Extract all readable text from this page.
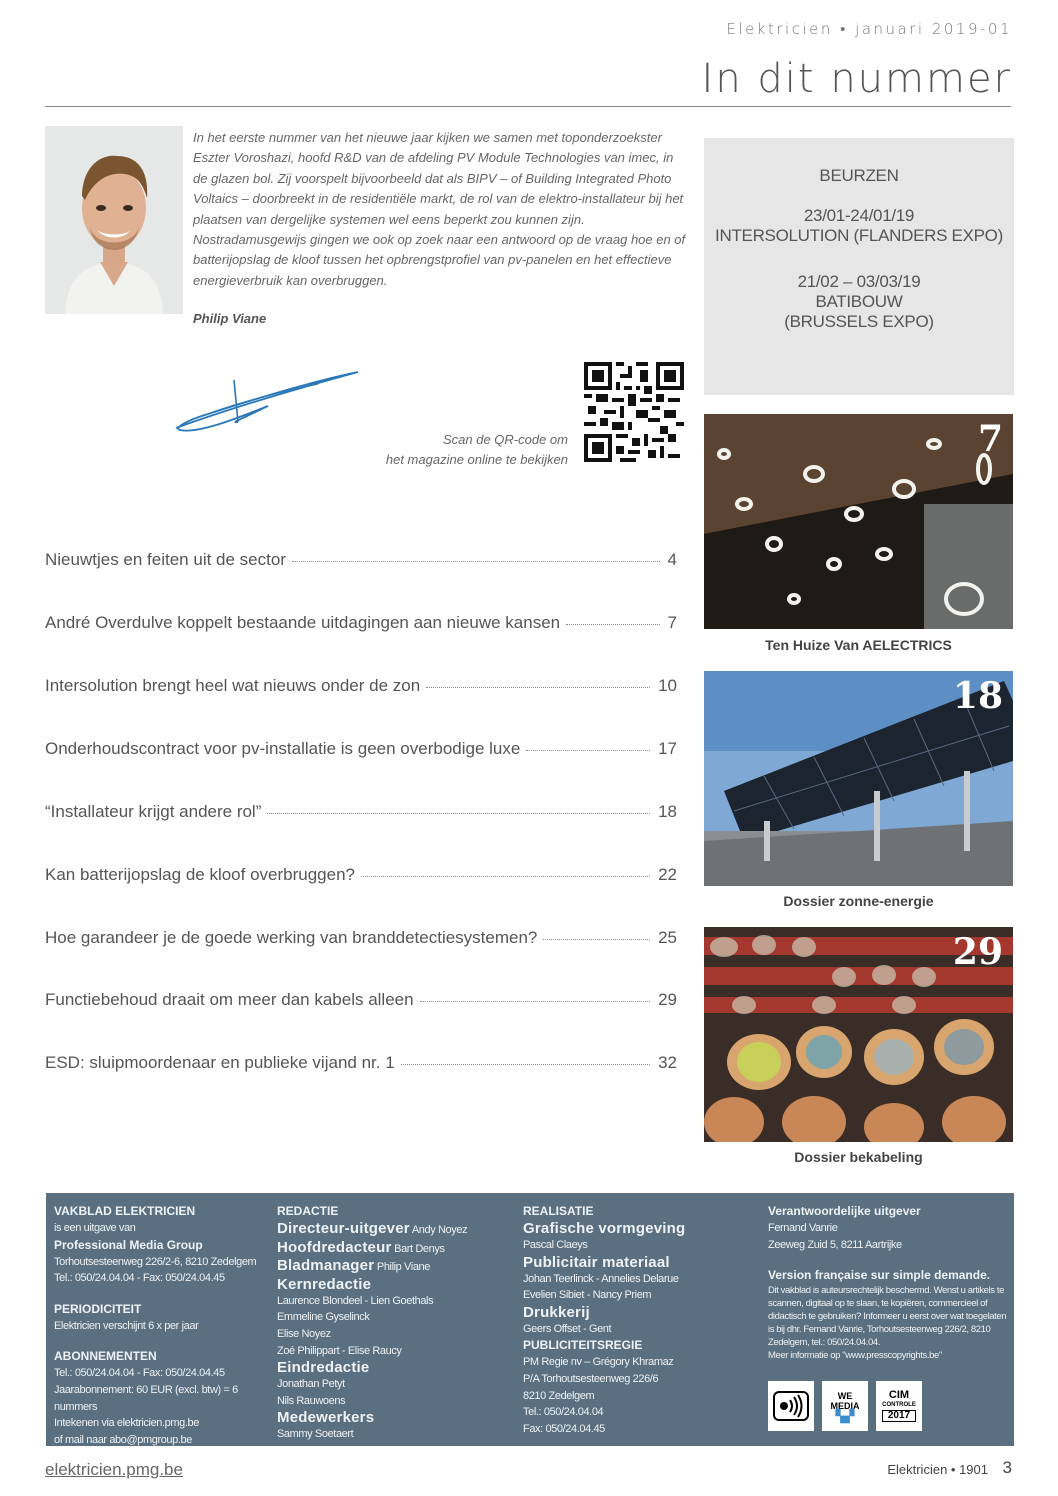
Elektricien • januari 2019-01
In dit nummer

In het eerste nummer van het nieuwe jaar kijken we samen met toponderzoekster Eszter Voroshazi, hoofd R&D van de afdeling PV Module Technologies van imec, in de glazen bol. Zij voorspelt bijvoorbeeld dat als BIPV – of Building Integrated Photo Voltaics – doorbreekt in de residentiële markt, de rol van de elektro-installateur bij het plaatsen van dergelijke systemen wel eens beperkt zou kunnen zijn. Nostradamusgewijs gingen we ook op zoek naar een antwoord op de vraag hoe en of batterijopslag de kloof tussen het opbrengstprofiel van pv-panelen en het effectieve energieverbruik kan overbruggen.

Philip Viane
Scan de QR-code om
het magazine online te bekijken
BEURZEN
23/01-24/01/19
INTERSOLUTION (FLANDERS EXPO)
21/02 – 03/03/19
BATIBOUW
(BRUSSELS EXPO)
Nieuwtjes en feiten uit de sector	4
André Overdulve koppelt bestaande uitdagingen aan nieuwe kansen	7
Intersolution brengt heel wat nieuws onder de zon	10
Onderhoudscontract voor pv-installatie is geen overbodige luxe	17
“Installateur krijgt andere rol”	18
Kan batterijopslag de kloof overbruggen?	22
Hoe garandeer je de goede werking van branddetectiesystemen?	25
Functiebehoud draait om meer dan kabels alleen	29
ESD: sluipmoordenaar en publieke vijand nr. 1	32
7
Ten Huize Van AELECTRICS
18
Dossier zonne-energie
29
Dossier bekabeling
VAKBLAD ELEKTRICIEN
is een uitgave van
Professional Media Group
Torhoutsesteenweg 226/2-6, 8210 Zedelgem
Tel.: 050/24.04.04 - Fax: 050/24.04.45
PERIODICITEIT
Elektricien verschijnt 6 x per jaar
ABONNEMENTEN
Tel.: 050/24.04.04 - Fax: 050/24.04.45
Jaarabonnement: 60 EUR (excl. btw) = 6 nummers
Intekenen via elektricien.pmg.be
of mail naar abo@pmgroup.be
REDACTIE
Directeur-uitgever Andy Noyez
Hoofdredacteur Bart Denys
Bladmanager Philip Viane
Kernredactie
Laurence Blondeel - Lien Goethals
Emmeline Gyselinck
Elise Noyez
Zoé Philippart - Elise Raucy
Eindredactie
Jonathan Petyt
Nils Rauwoens
Medewerkers
Sammy Soetaert
REALISATIE
Grafische vormgeving
Pascal Claeys
Publicitair materiaal
Johan Teerlinck - Annelies Delarue
Evelien Sibiet - Nancy Priem
Drukkerij
Geers Offset - Gent
PUBLICITEITSREGIE
PM Regie nv – Grégory Khramaz
P/A Torhoutsesteenweg 226/6
8210 Zedelgem
Tel.: 050/24.04.04
Fax: 050/24.04.45
Verantwoordelijke uitgever
Fernand Vanrie
Zeeweg Zuid 5, 8211 Aartrijke
Version française sur simple demande.
Dit vakblad is auteursrechtelijk beschermd. Wenst u artikels te scannen, digitaal op te slaan, te kopiëren, commercieel of didactisch te gebruiken? Informeer u eerst over wat toegelaten is bij dhr. Fernand Vanrie, Torhoutsesteenweg 226/2, 8210 Zedelgem, tel.: 050/24.04.04.
Meer informatie op "www.presscopyrights.be"
WE
MEDIA
▚▞
CIM
CONTROLE
2017
elektricien.pmg.be	Elektricien • 1901 3
